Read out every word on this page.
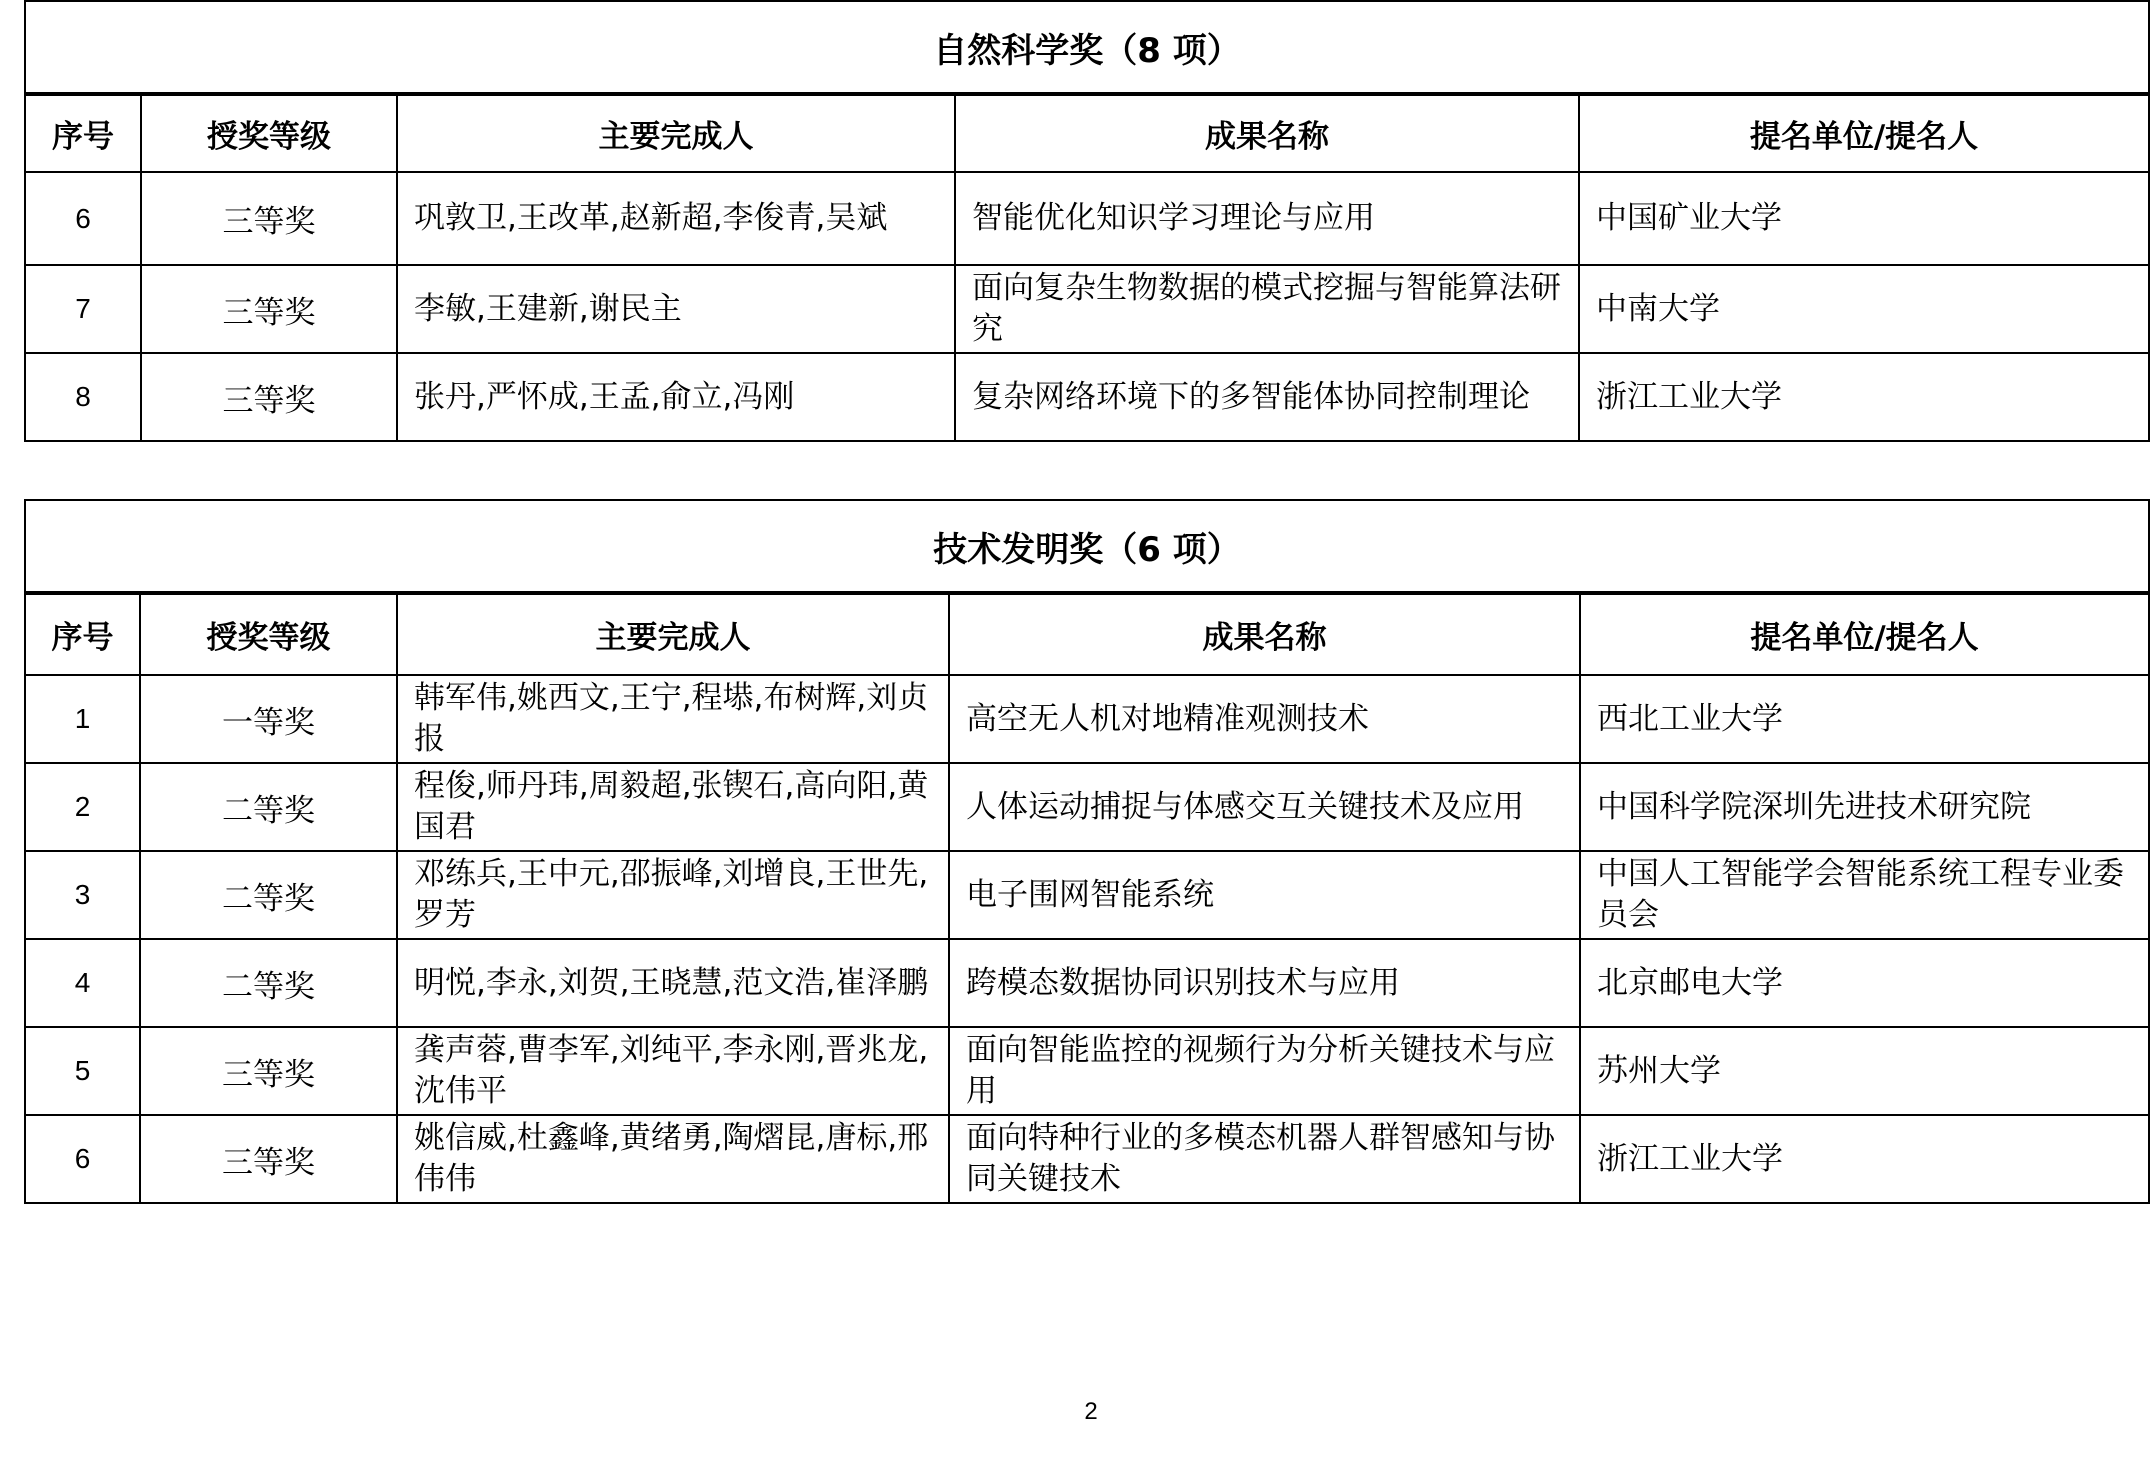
自然科学奖（8 项）				
序号	授奖等级	主要完成人	成果名称	提名单位/提名人
6	三等奖	巩敦卫,王改革,赵新超,李俊青,吴斌	智能优化知识学习理论与应用	中国矿业大学
7	三等奖	李敏,王建新,谢民主	面向复杂生物数据的模式挖掘与智能算法研究	中南大学
8	三等奖	张丹,严怀成,王孟,俞立,冯刚	复杂网络环境下的多智能体协同控制理论	浙江工业大学
技术发明奖（6 项）				
序号	授奖等级	主要完成人	成果名称	提名单位/提名人
1	一等奖	韩军伟,姚西文,王宁,程塨,布树辉,刘贞报	高空无人机对地精准观测技术	西北工业大学
2	二等奖	程俊,师丹玮,周毅超,张锲石,高向阳,黄国君	人体运动捕捉与体感交互关键技术及应用	中国科学院深圳先进技术研究院
3	二等奖	邓练兵,王中元,邵振峰,刘增良,王世先,罗芳	电子围网智能系统	中国人工智能学会智能系统工程专业委员会
4	二等奖	明悦,李永,刘贺,王晓慧,范文浩,崔泽鹏	跨模态数据协同识别技术与应用	北京邮电大学
5	三等奖	龚声蓉,曹李军,刘纯平,李永刚,晋兆龙,沈伟平	面向智能监控的视频行为分析关键技术与应用	苏州大学
6	三等奖	姚信威,杜鑫峰,黄绪勇,陶熠昆,唐标,邢伟伟	面向特种行业的多模态机器人群智感知与协同关键技术	浙江工业大学
2
